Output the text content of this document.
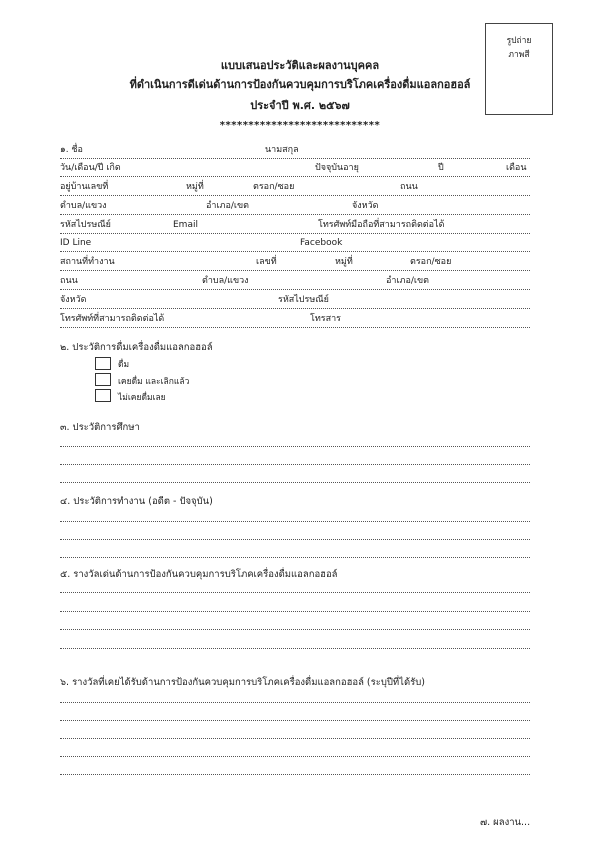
รูปถ่าย
ภาพสี
แบบเสนอประวัติและผลงานบุคคล
ที่ดำเนินการดีเด่นด้านการป้องกันควบคุมการบริโภคเครื่องดื่มแอลกอฮอล์
ประจำปี พ.ศ. ๒๕๖๗
****************************
๑. ชื่อ	นามสกุล
วัน/เดือน/ปี เกิด	ปัจจุบันอายุ	ปี	เดือน
อยู่บ้านเลขที่	หมู่ที่	ตรอก/ซอย	ถนน
ตำบล/แขวง	อำเภอ/เขต	จังหวัด
รหัสไปรษณีย์	Email	โทรศัพท์มือถือที่สามารถติดต่อได้
ID Line	Facebook
สถานที่ทำงาน	เลขที่	หมู่ที่	ตรอก/ซอย
ถนน	ตำบล/แขวง	อำเภอ/เขต
จังหวัด	รหัสไปรษณีย์
โทรศัพท์ที่สามารถติดต่อได้	โทรสาร
๒. ประวัติการดื่มเครื่องดื่มแอลกอฮอล์
ดื่ม
เคยดื่ม และเลิกแล้ว
ไม่เคยดื่มเลย
๓. ประวัติการศึกษา
๔. ประวัติการทำงาน (อดีต - ปัจจุบัน)
๕. รางวัลเด่นด้านการป้องกันควบคุมการบริโภคเครื่องดื่มแอลกอฮอล์
๖. รางวัลที่เคยได้รับด้านการป้องกันควบคุมการบริโภคเครื่องดื่มแอลกอฮอล์ (ระบุปีที่ได้รับ)
๗. ผลงาน...
